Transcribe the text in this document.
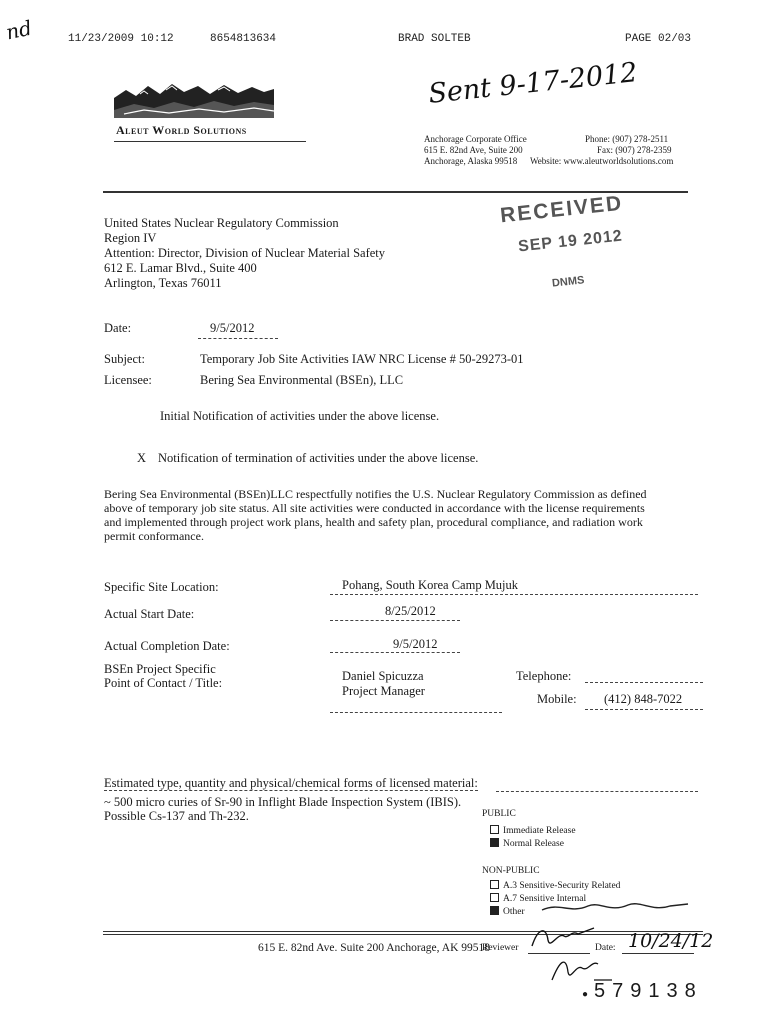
nd	11/23/2009 10:12	8654813634	BRAD SOLTEB	PAGE 02/03
Sent 9-17-2012
Aleut World Solutions
Anchorage Corporate Office
615 E. 82nd Ave, Suite 200
Anchorage, Alaska 99518
Phone: (907) 278-2511
Fax: (907) 278-2359
Website: www.aleutworldsolutions.com
RECEIVED
SEP 19 2012
DNMS
United States Nuclear Regulatory Commission
Region IV
Attention: Director, Division of Nuclear Material Safety
612 E. Lamar Blvd., Suite 400
Arlington, Texas 76011
Date:	9/5/2012
Subject:	Temporary Job Site Activities IAW NRC License # 50-29273-01
Licensee:	Bering Sea Environmental (BSEn), LLC
Initial Notification of activities under the above license.
X Notification of termination of activities under the above license.
Bering Sea Environmental (BSEn)LLC respectfully notifies the U.S. Nuclear Regulatory Commission as defined
above of temporary job site status. All site activities were conducted in accordance with the license requirements
and implemented through project work plans, health and safety plan, procedural compliance, and radiation work
permit conformance.
Specific Site Location:	Pohang, South Korea Camp Mujuk
Actual Start Date:	8/25/2012
Actual Completion Date:	9/5/2012
BSEn Project Specific
Point of Contact / Title:	Daniel Spicuzza
Project Manager
Telephone:
Mobile: (412) 848-7022
Estimated type, quantity and physical/chemical forms of licensed material:
~ 500 micro curies of Sr-90 in Inflight Blade Inspection System (IBIS).
Possible Cs-137 and Th-232.	PUBLIC
Immediate Release
Normal Release
NON-PUBLIC
A.3 Sensitive-Security Related
A.7 Sensitive Internal
Other
615 E. 82nd Ave. Suite 200 Anchorage, AK 99518
Reviewer	Date: 10/24/12
● 579138
